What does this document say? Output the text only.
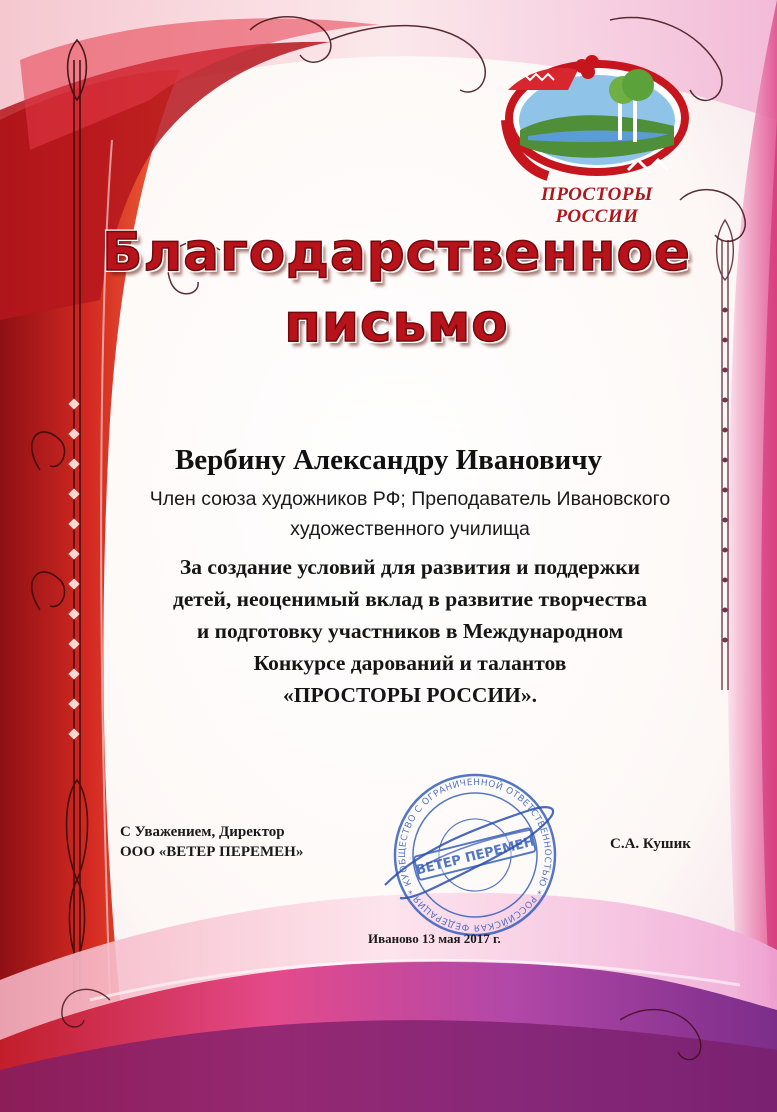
ПРОСТОРЫ РОССИИ
Благодарственное
письмо
Вербину Александру Ивановичу
Член союза художников РФ; Преподаватель Ивановского
художественного училища
За создание условий для развития и поддержки
детей, неоценимый вклад в развитие творчества
и подготовку участников в Международном
Конкурсе дарований и талантов
«ПРОСТОРЫ РОССИИ».
ОБЩЕСТВО С ОГРАНИЧЕННОЙ ОТВЕТСТВЕННОСТЬЮ * РОССИЙСКАЯ ФЕДЕРАЦИЯ * КУРСК
ВЕТЕР ПЕРЕМЕН
С Уважением, Директор
ООО «ВЕТЕР ПЕРЕМЕН»	С.А. Кушик
Иваново 13 мая 2017 г.
